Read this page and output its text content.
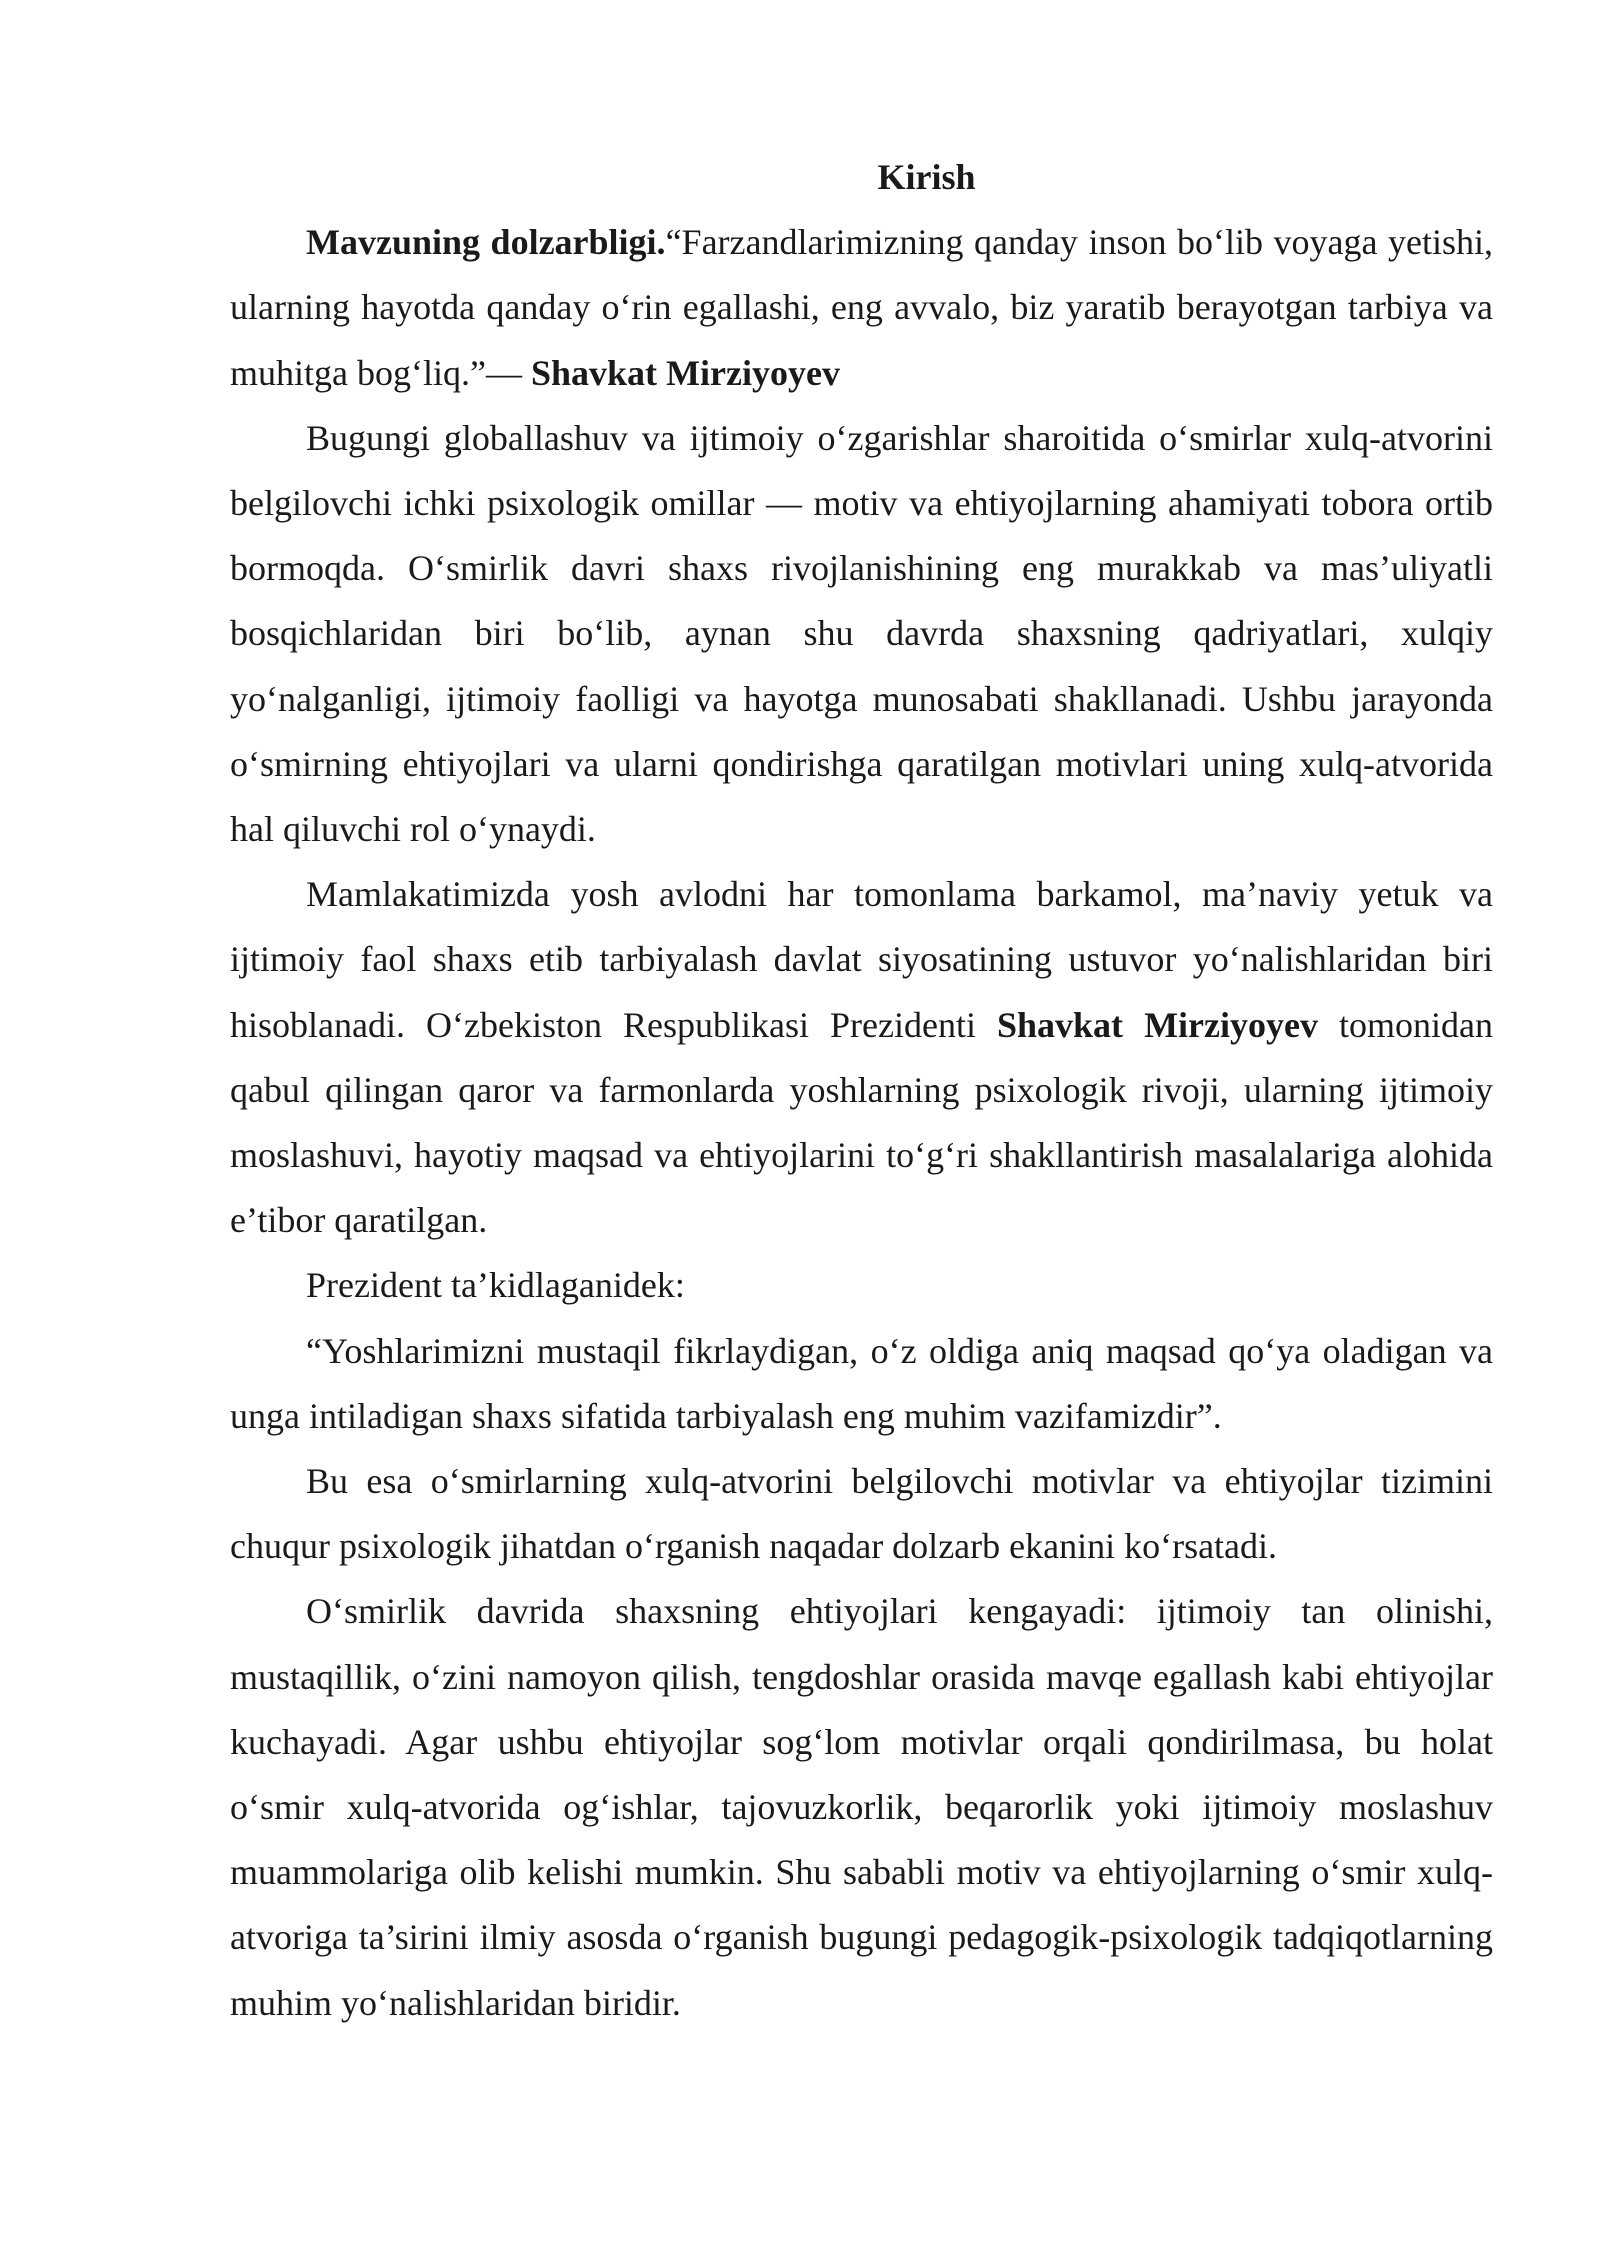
Kirish

Mavzuning dolzarbligi.“Farzandlarimizning qanday inson bo‘lib voyaga yetishi, ularning hayotda qanday o‘rin egallashi, eng avvalo, biz yaratib berayotgan tarbiya va muhitga bog‘liq.”— Shavkat Mirziyoyev

Bugungi globallashuv va ijtimoiy o‘zgarishlar sharoitida o‘smirlar xulq-atvorini belgilovchi ichki psixologik omillar — motiv va ehtiyojlarning ahamiyati tobora ortib bormoqda. O‘smirlik davri shaxs rivojlanishining eng murakkab va mas’uliyatli bosqichlaridan biri bo‘lib, aynan shu davrda shaxsning qadriyatlari, xulqiy yo‘nalganligi, ijtimoiy faolligi va hayotga munosabati shakllanadi. Ushbu jarayonda o‘smirning ehtiyojlari va ularni qondirishga qaratilgan motivlari uning xulq-atvorida hal qiluvchi rol o‘ynaydi.

Mamlakatimizda yosh avlodni har tomonlama barkamol, ma’naviy yetuk va ijtimoiy faol shaxs etib tarbiyalash davlat siyosatining ustuvor yo‘nalishlaridan biri hisoblanadi. O‘zbekiston Respublikasi Prezidenti Shavkat Mirziyoyev tomonidan qabul qilingan qaror va farmonlarda yoshlarning psixologik rivoji, ularning ijtimoiy moslashuvi, hayotiy maqsad va ehtiyojlarini to‘g‘ri shakllantirish masalalariga alohida e’tibor qaratilgan.

Prezident ta’kidlaganidek:

“Yoshlarimizni mustaqil fikrlaydigan, o‘z oldiga aniq maqsad qo‘ya oladigan va unga intiladigan shaxs sifatida tarbiyalash eng muhim vazifamizdir”.

Bu esa o‘smirlarning xulq-atvorini belgilovchi motivlar va ehtiyojlar tizimini chuqur psixologik jihatdan o‘rganish naqadar dolzarb ekanini ko‘rsatadi.

O‘smirlik davrida shaxsning ehtiyojlari kengayadi: ijtimoiy tan olinishi, mustaqillik, o‘zini namoyon qilish, tengdoshlar orasida mavqe egallash kabi ehtiyojlar kuchayadi. Agar ushbu ehtiyojlar sog‘lom motivlar orqali qondirilmasa, bu holat o‘smir xulq-atvorida og‘ishlar, tajovuzkorlik, beqarorlik yoki ijtimoiy moslashuv muammolariga olib kelishi mumkin. Shu sababli motiv va ehtiyojlarning o‘smir xulq-atvoriga ta’sirini ilmiy asosda o‘rganish bugungi pedagogik-psixologik tadqiqotlarning muhim yo‘nalishlaridan biridir.
